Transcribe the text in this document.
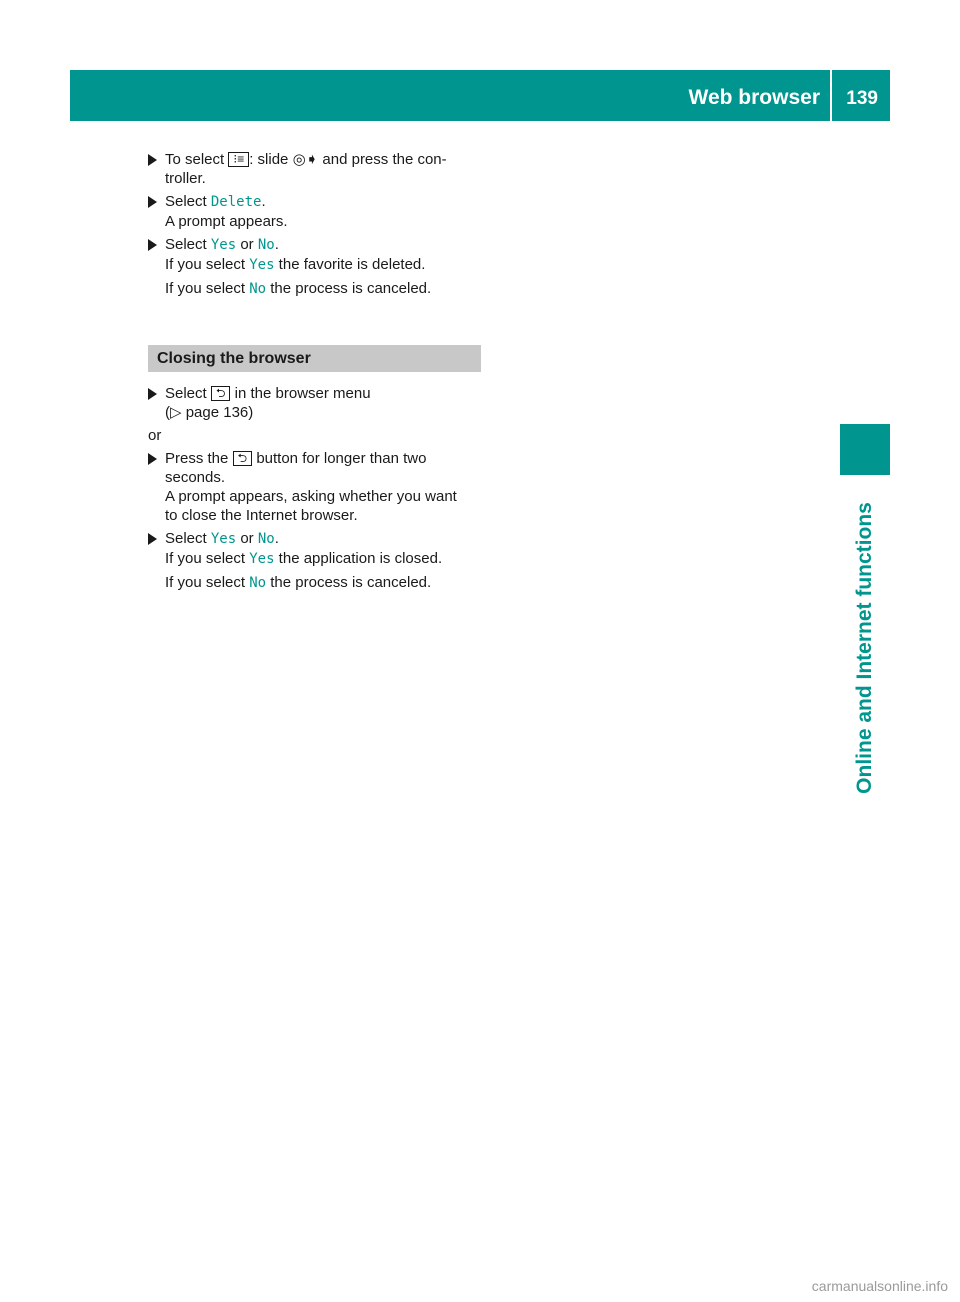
Web browser 139
Online and Internet functions
To select ⁝≡ : slide ◎➧ and press the con-
troller.
Select Delete.
A prompt appears.
Select Yes or No.
If you select Yes the favorite is deleted.
If you select No the process is canceled.
Closing the browser
Select ⮌ in the browser menu
(▷ page 136)
or
Press the ⮌ button for longer than two
seconds.
A prompt appears, asking whether you want
to close the Internet browser.
Select Yes or No.
If you select Yes the application is closed.
If you select No the process is canceled.
carmanualsonline.info
